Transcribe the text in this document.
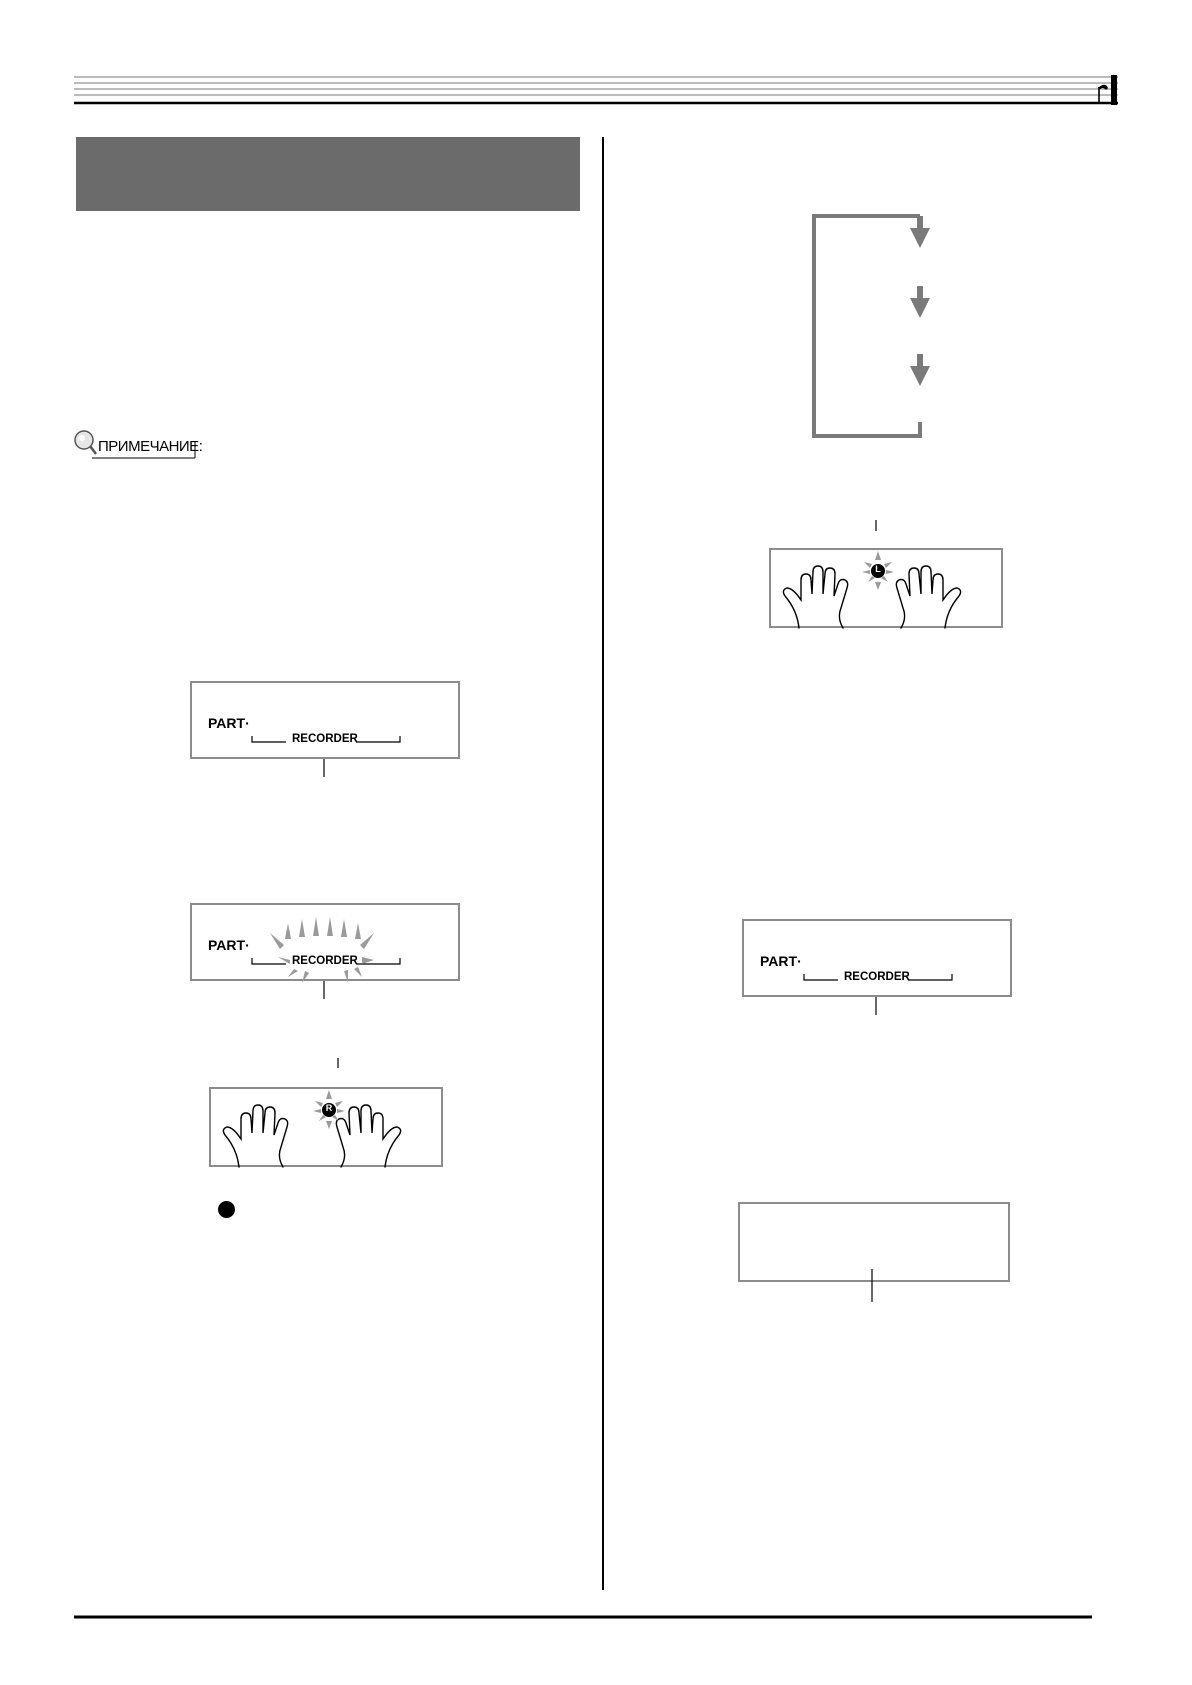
ПРИМЕЧАНИЕ:
PART·
RECORDER
PART·
RECORDER
R
L
PART·
RECORDER
